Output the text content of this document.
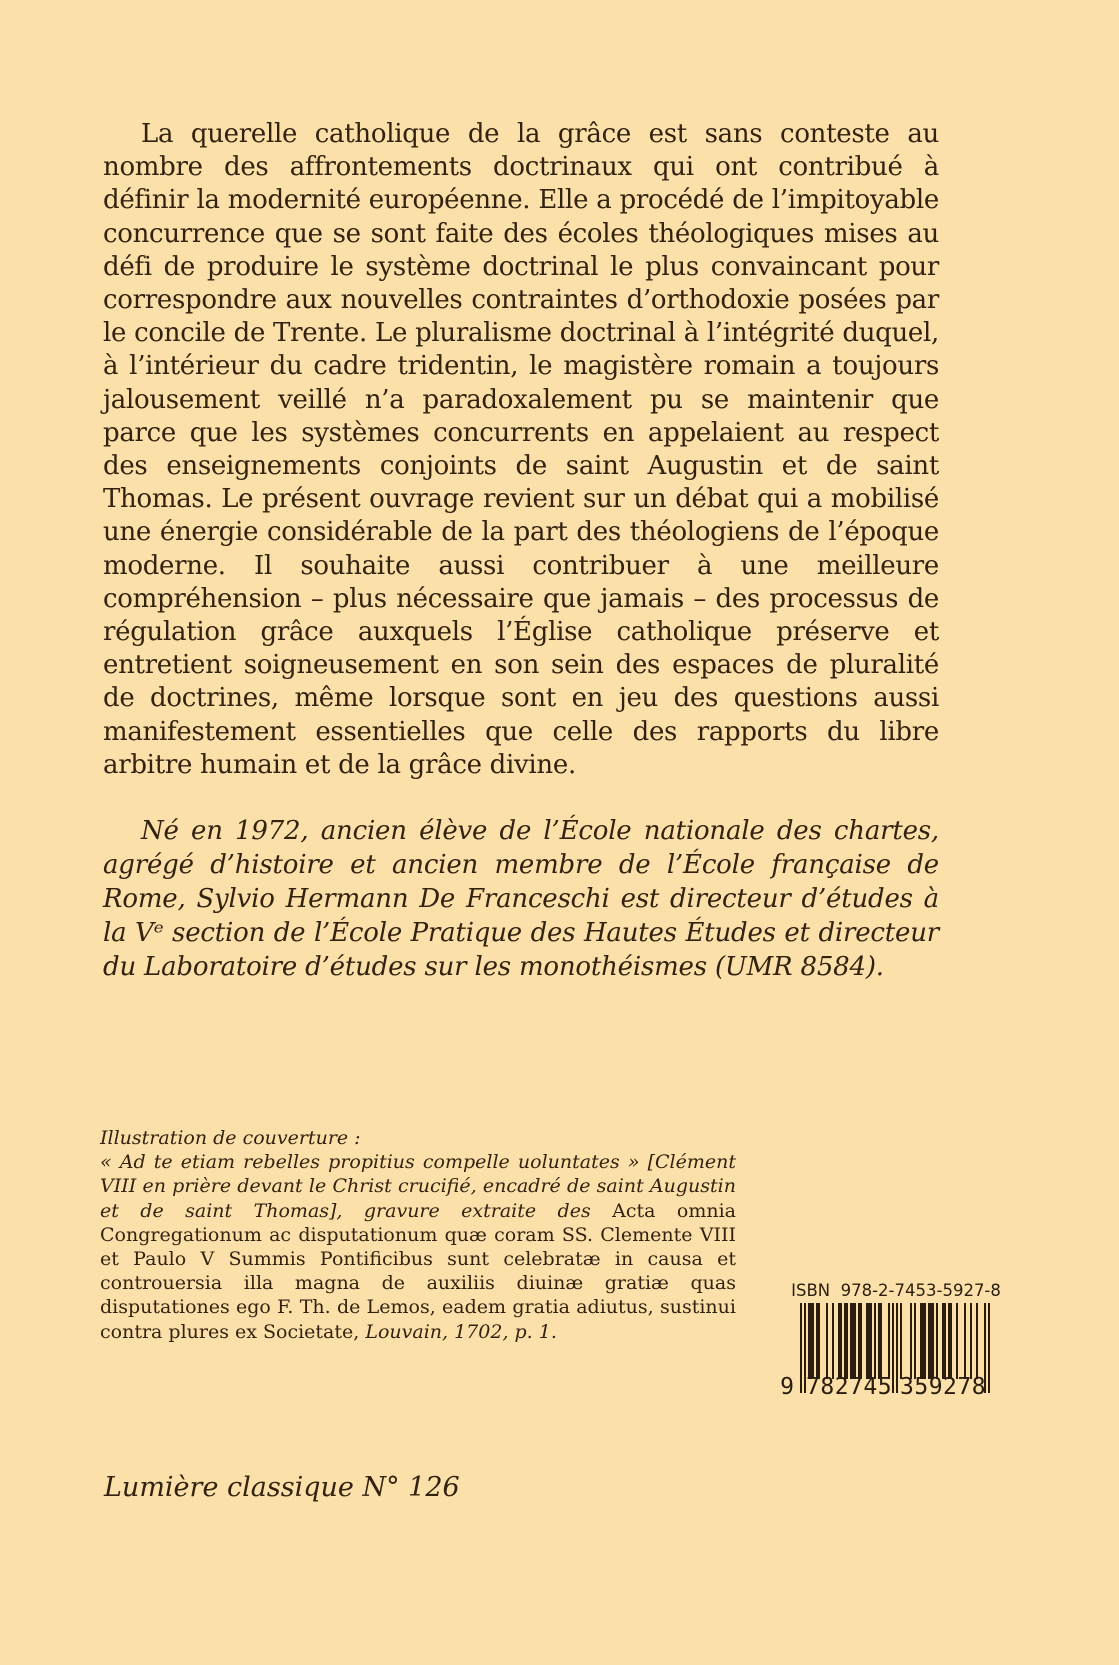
La querelle catholique de la grâce est sans conteste au nombre des affrontements doctrinaux qui ont contribué à définir la modernité européenne. Elle a procédé de l’impitoyable concurrence que se sont faite des écoles théologiques mises au défi de produire le système doctrinal le plus convaincant pour correspondre aux nouvelles contraintes d’orthodoxie posées par le concile de Trente. Le pluralisme doctrinal à l’intégrité duquel, à l’intérieur du cadre tridentin, le magistère romain a toujours jalousement veillé n’a paradoxalement pu se maintenir que parce que les systèmes concurrents en appelaient au respect des enseignements conjoints de saint Augustin et de saint Thomas. Le présent ouvrage revient sur un débat qui a mobilisé une énergie considérable de la part des théologiens de l’époque moderne. Il souhaite aussi contribuer à une meilleure compréhension – plus nécessaire que jamais – des processus de régulation grâce auxquels l’Église catholique préserve et entretient soigneusement en son sein des espaces de pluralité de doctrines, même lorsque sont en jeu des questions aussi manifestement essentielles que celle des rapports du libre arbitre humain et de la grâce divine.

Né en 1972, ancien élève de l’École nationale des chartes, agrégé d’histoire et ancien membre de l’École française de Rome, Sylvio Hermann De Franceschi est directeur d’études à la Vᵉ section de l’École Pratique des Hautes Études et directeur du Laboratoire d’études sur les monothéismes (UMR 8584).

Illustration de couverture :
« Ad te etiam rebelles propitius compelle uoluntates » [Clément VIII en prière devant le Christ crucifié, encadré de saint Augustin et de saint Thomas], gravure extraite des Acta omnia Congregationum ac disputationum quæ coram SS. Clemente VIII et Paulo V Summis Pontificibus sunt celebratæ in causa et controuersia illa magna de auxiliis diuinæ gratiæ quas disputationes ego F. Th. de Lemos, eadem gratia adiutus, sustinui contra plures ex Societate, Louvain, 1702, p. 1.
Lumière classique N° 126
ISBN  978-2-7453-5927-8
9 782745 359278
